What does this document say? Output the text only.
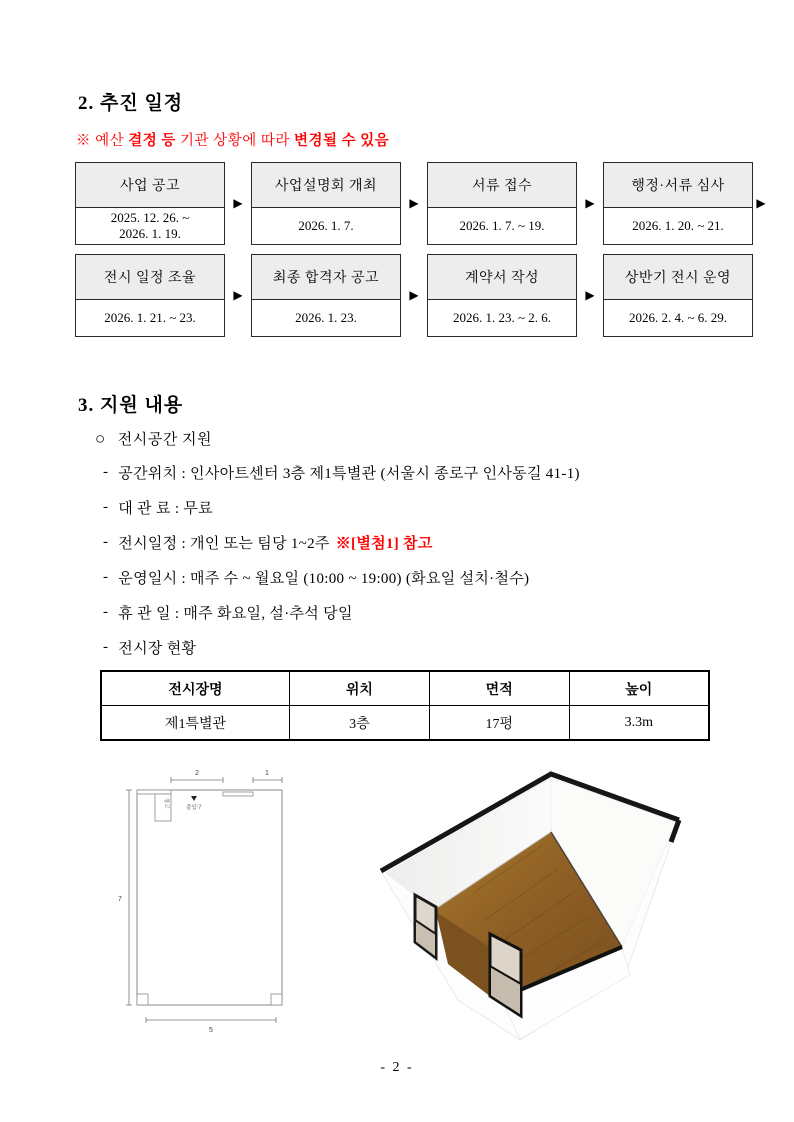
2. 추진 일정
※ 예산 결정 등 기관 상황에 따라 변경될 수 있음
사업 공고
2025. 12. 26. ~
2026. 1. 19.
▶
사업설명회 개최
2026. 1. 7.
▶
서류 접수
2026. 1. 7. ~ 19.
▶
행정·서류 심사
2026. 1. 20. ~ 21.
▶
전시 일정 조율
2026. 1. 21. ~ 23.
▶
최종 합격자 공고
2026. 1. 23.
▶
계약서 작성
2026. 1. 23. ~ 2. 6.
▶
상반기 전시 운영
2026. 2. 4. ~ 6. 29.
3. 지원 내용
○ 전시공간 지원
- 공간위치 : 인사아트센터 3층 제1특별관 (서울시 종로구 인사동길 41-1)
- 대 관 료 : 무료
- 전시일정 : 개인 또는 팀당 1~2주 ※[별첨1] 참고
- 운영일시 : 매주 수 ~ 월요일 (10:00 ~ 19:00) (화요일 설치·철수)
- 휴 관 일 : 매주 화요일, 설·추석 당일
- 전시장 현황
전시장명	위치	면적	높이
제1특별관	3층	17평	3.3m
창고	출입구
2	1
7
5
- 2 -
